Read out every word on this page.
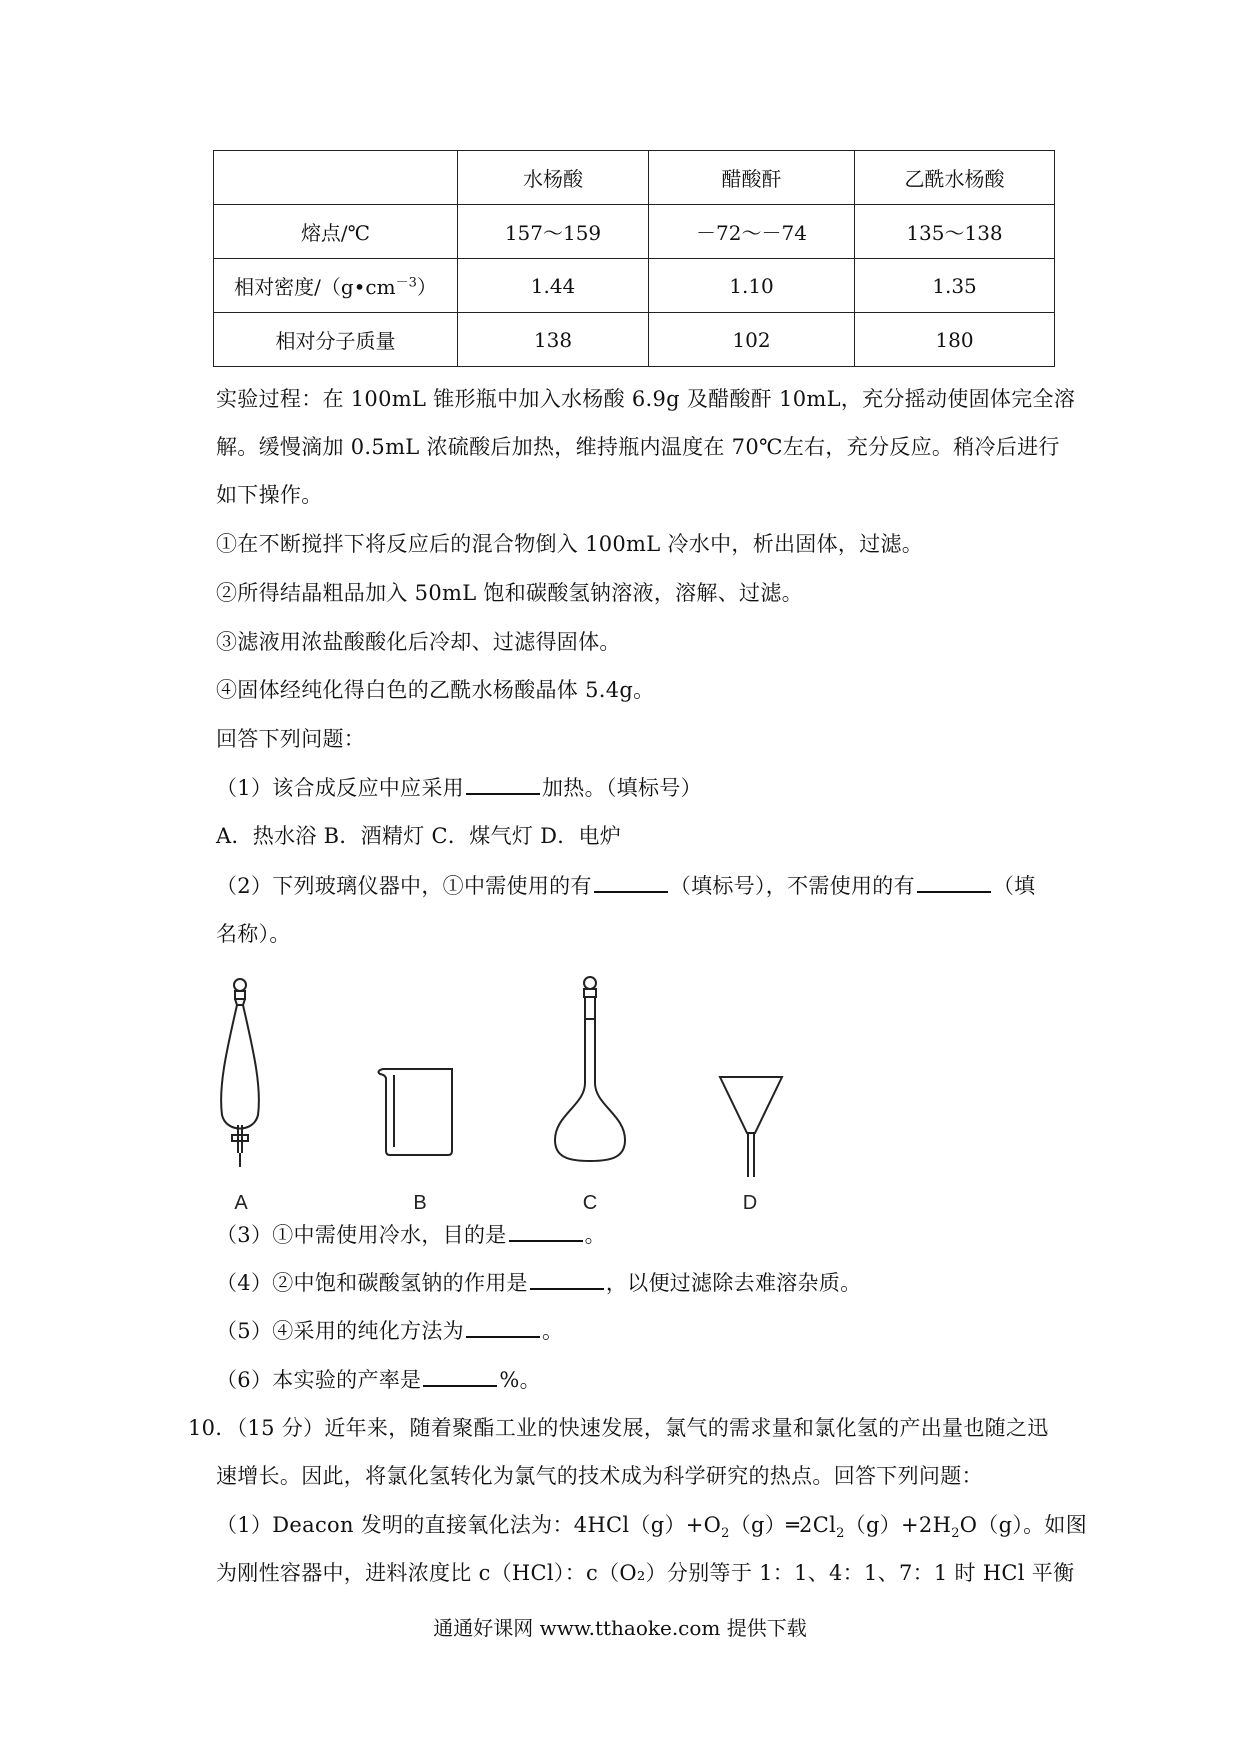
	水杨酸	醋酸酐	乙酰水杨酸
熔点/℃	157～159	－72～－74	135～138
相对密度$/(g•cm^{-3})$	1.44	1.10	1.35
相对分子质量	138	102	180
实验过程：在 100mL 锥形瓶中加入水杨酸 6.9g 及醋酸酐 10mL，充分摇动使固体完全溶
解。缓慢滴加 0.5mL 浓硫酸后加热，维持瓶内温度在 70℃左右，充分反应。稍冷后进行
如下操作。
①在不断搅拌下将反应后的混合物倒入 100mL 冷水中，析出固体，过滤。
②所得结晶粗品加入 50mL 饱和碳酸氢钠溶液，溶解、过滤。
③滤液用浓盐酸酸化后冷却、过滤得固体。
④固体经纯化得白色的乙酰水杨酸晶体 5.4g。
回答下列问题：
（1）该合成反应中应采用	加热。（填标号）
A．热水浴 B．酒精灯 C．煤气灯 D．电炉
（2）下列玻璃仪器中，①中需使用的有	（填标号），不需使用的有	（填
名称）。
A	B	C	D
（3）①中需使用冷水，目的是	。
（4）②中饱和碳酸氢钠的作用是	，以便过滤除去难溶杂质。
（5）④采用的纯化方法为	。
（6）本实验的产率是	%。
10．（15 分）近年来，随着聚酯工业的快速发展，氯气的需求量和氯化氢的产出量也随之迅
速增长。因此，将氯化氢转化为氯气的技术成为科学研究的热点。回答下列问题：
（1）Deacon 发明的直接氧化法为：$4HCl(g)+O_2(g)═2Cl_2(g)+2H_2O(g)$。如图
为刚性容器中，进料浓度比 c（HCl）：c（O₂）分别等于 1：1、4：1、7：1 时 HCl 平衡
通通好课网 www.tthaoke.com 提供下载
